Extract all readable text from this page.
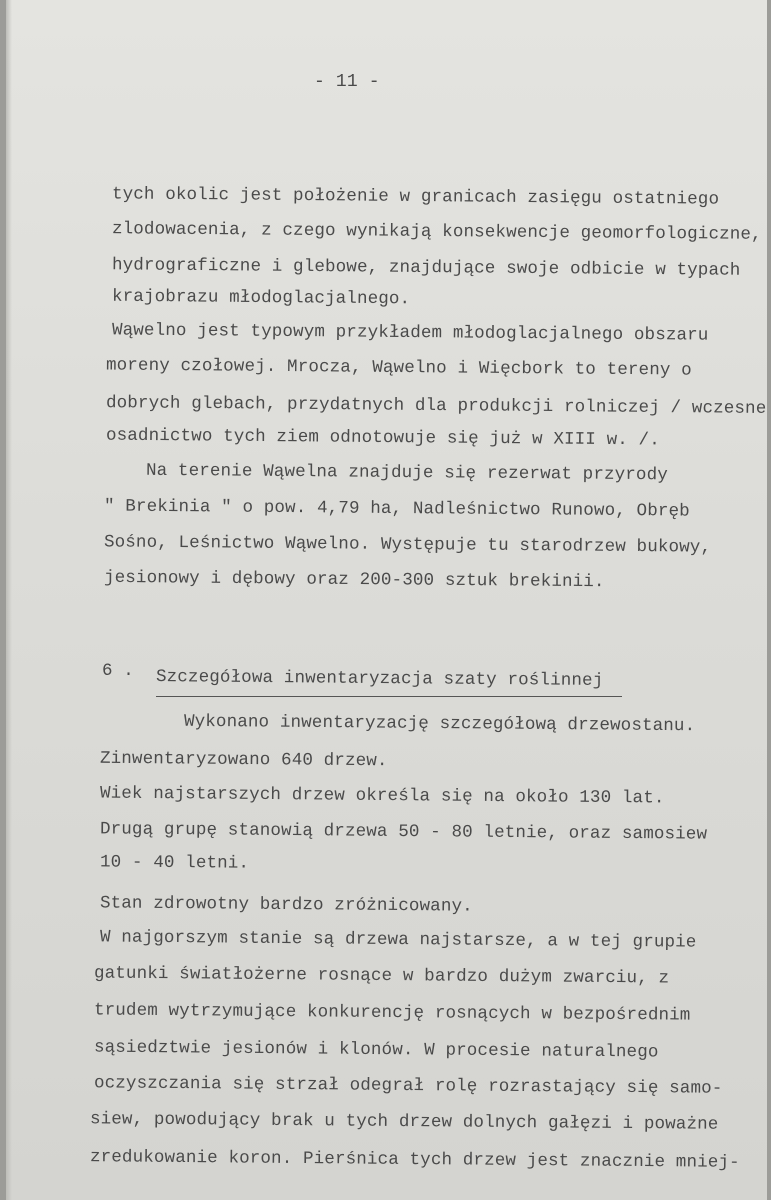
- 11 -
tych okolic jest położenie w granicach zasięgu ostatniego
zlodowacenia, z czego wynikają konsekwencje geomorfologiczne,
hydrograficzne i glebowe, znajdujące swoje odbicie w typach
krajobrazu młodoglacjalnego.
Wąwelno jest typowym przykładem młodoglacjalnego obszaru
moreny czołowej. Mrocza, Wąwelno i Więcbork to tereny o
dobrych glebach, przydatnych dla produkcji rolniczej / wczesne
osadnictwo tych ziem odnotowuje się już w XIII w. /.
Na terenie Wąwelna znajduje się rezerwat przyrody
" Brekinia " o pow. 4,79 ha, Nadleśnictwo Runowo, Obręb
Sośno, Leśnictwo Wąwelno. Występuje tu starodrzew bukowy,
jesionowy i dębowy oraz 200-300 sztuk brekinii.
6 . Szczegółowa inwentaryzacja szaty roślinnej
Wykonano inwentaryzację szczegółową drzewostanu.
Zinwentaryzowano 640 drzew.
Wiek najstarszych drzew określa się na około 130 lat.
Drugą grupę stanowią drzewa 50 - 80 letnie, oraz samosiew
10 - 40 letni.
Stan zdrowotny bardzo zróżnicowany.
W najgorszym stanie są drzewa najstarsze, a w tej grupie
gatunki światłożerne rosnące w bardzo dużym zwarciu, z
trudem wytrzymujące konkurencję rosnących w bezpośrednim
sąsiedztwie jesionów i klonów. W procesie naturalnego
oczyszczania się strzał odegrał rolę rozrastający się samo-
siew, powodujący brak u tych drzew dolnych gałęzi i poważne
zredukowanie koron. Pierśnica tych drzew jest znacznie mniej-
